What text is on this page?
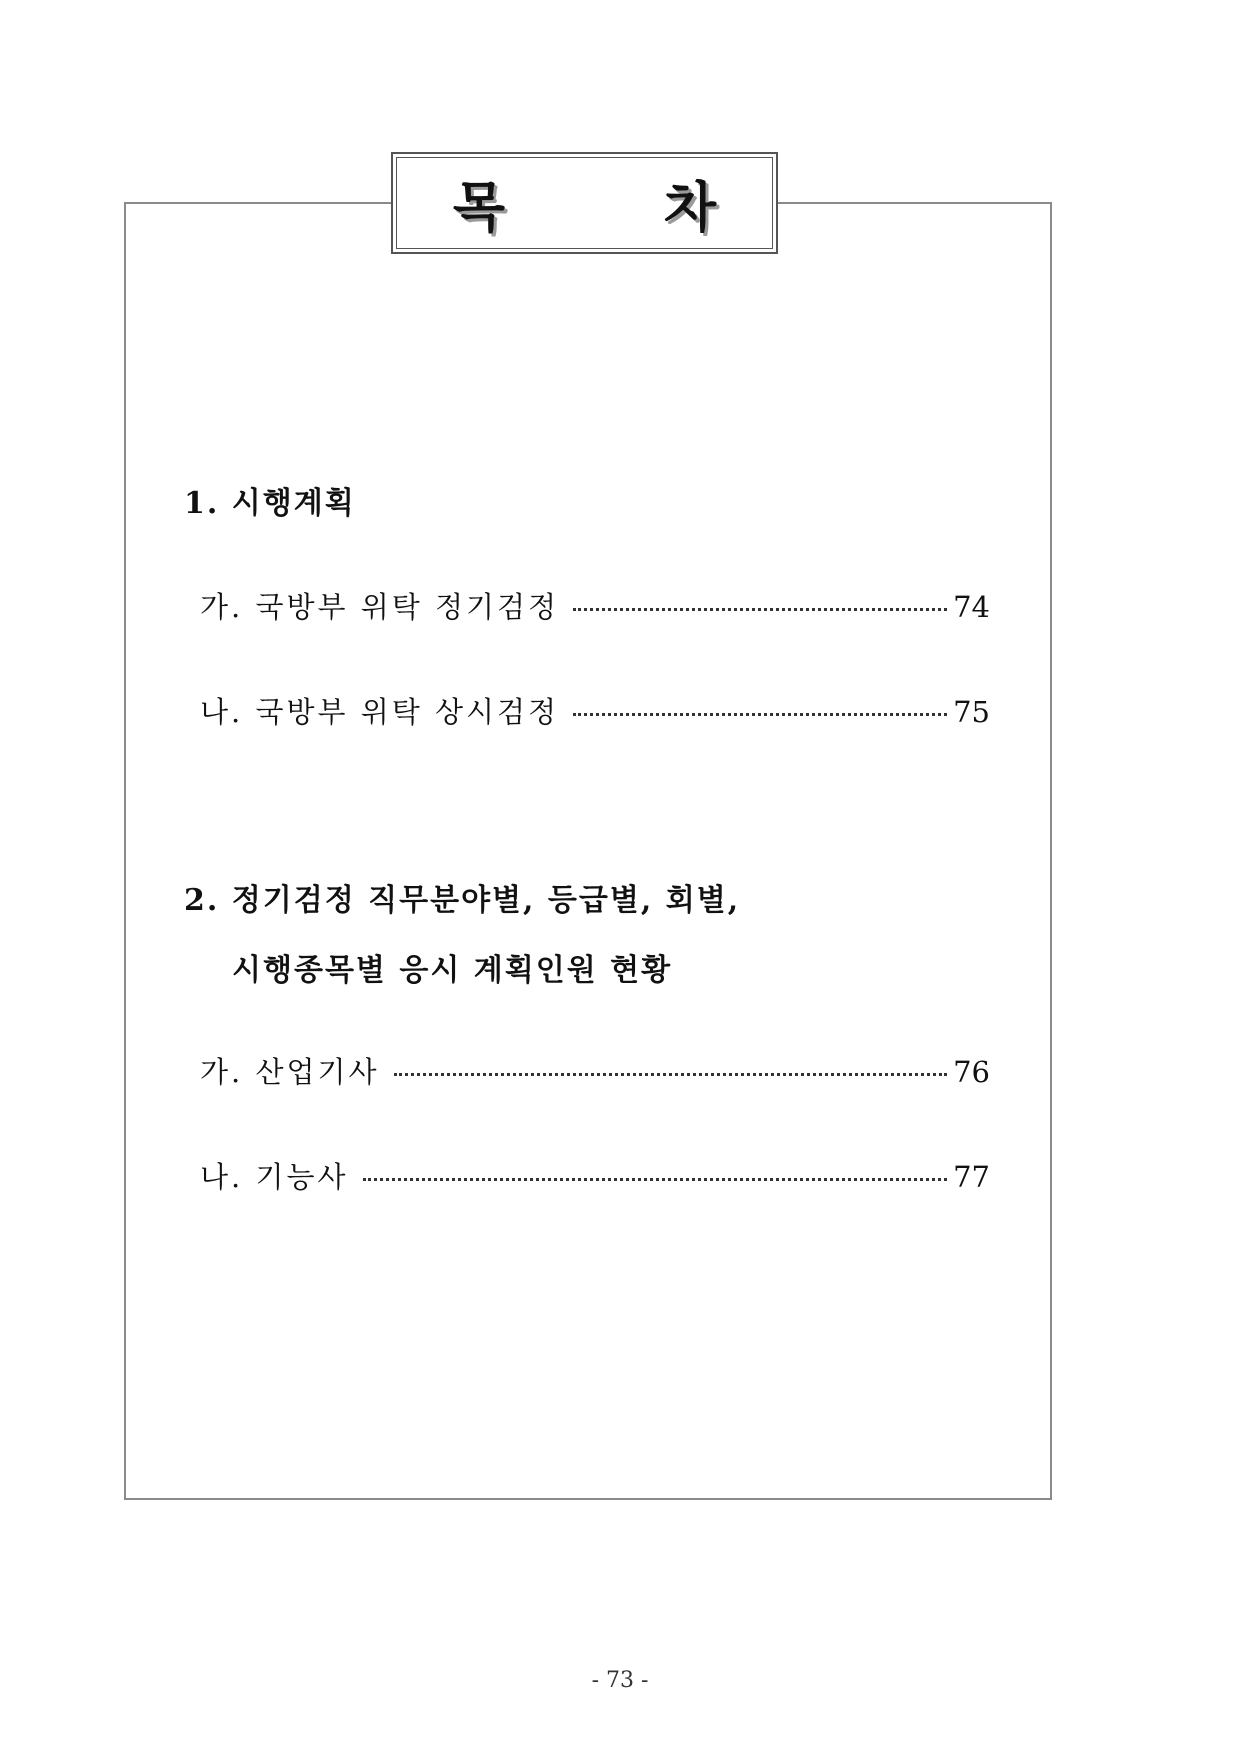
목 차
1. 시행계획
가. 국방부 위탁 정기검정	74
나. 국방부 위탁 상시검정	75
2. 정기검정 직무분야별, 등급별, 회별,
시행종목별 응시 계획인원 현황
가. 산업기사	76
나. 기능사	77
- 73 -
